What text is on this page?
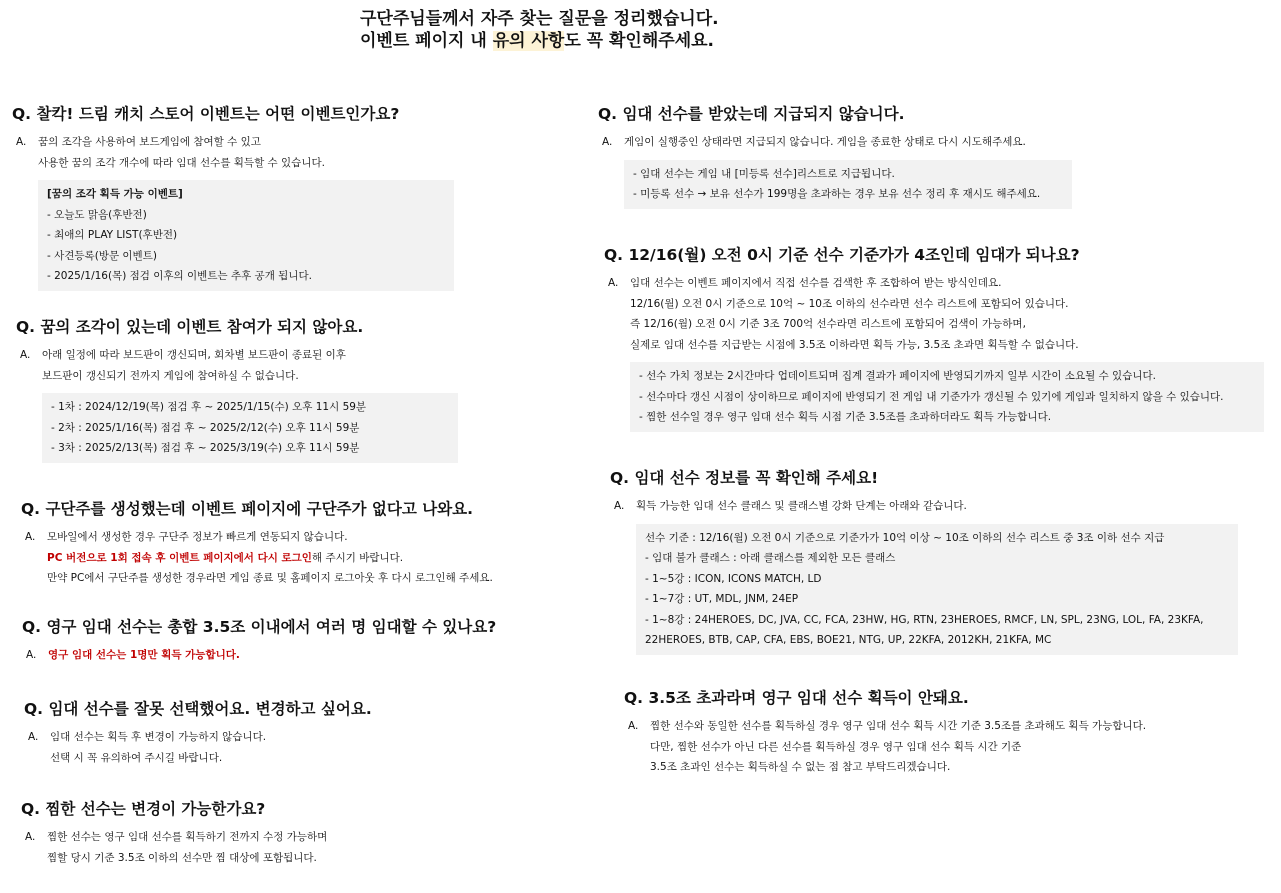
구단주님들께서 자주 찾는 질문을 정리했습니다.
이벤트 페이지 내 유의 사항도 꼭 확인해주세요.
Q. 찰칵! 드림 캐치 스토어 이벤트는 어떤 이벤트인가요?
A. 꿈의 조각을 사용하여 보드게임에 참여할 수 있고
사용한 꿈의 조각 개수에 따라 임대 선수를 획득할 수 있습니다.
[꿈의 조각 획득 가능 이벤트]
- 오늘도 맑음(후반전)
- 최애의 PLAY LIST(후반전)
- 사견등록(방문 이벤트)
- 2025/1/16(목) 점검 이후의 이벤트는 추후 공개 됩니다.
Q. 꿈의 조각이 있는데 이벤트 참여가 되지 않아요.
A. 아래 일정에 따라 보드판이 갱신되며, 회차별 보드판이 종료된 이후
보드판이 갱신되기 전까지 게임에 참여하실 수 없습니다.
- 1차 : 2024/12/19(목) 점검 후 ~ 2025/1/15(수) 오후 11시 59분
- 2차 : 2025/1/16(목) 점검 후 ~ 2025/2/12(수) 오후 11시 59분
- 3차 : 2025/2/13(목) 점검 후 ~ 2025/3/19(수) 오후 11시 59분
Q. 구단주를 생성했는데 이벤트 페이지에 구단주가 없다고 나와요.
A. 모바일에서 생성한 경우 구단주 정보가 빠르게 연동되지 않습니다.
PC 버전으로 1회 접속 후 이벤트 페이지에서 다시 로그인해 주시기 바랍니다.
만약 PC에서 구단주를 생성한 경우라면 게임 종료 및 홈페이지 로그아웃 후 다시 로그인해 주세요.
Q. 영구 임대 선수는 총합 3.5조 이내에서 여러 명 임대할 수 있나요?
A. 영구 임대 선수는 1명만 획득 가능합니다.
Q. 임대 선수를 잘못 선택했어요. 변경하고 싶어요.
A. 임대 선수는 획득 후 변경이 가능하지 않습니다.
선택 시 꼭 유의하여 주시길 바랍니다.
Q. 찜한 선수는 변경이 가능한가요?
A. 찜한 선수는 영구 임대 선수를 획득하기 전까지 수정 가능하며
찜할 당시 기준 3.5조 이하의 선수만 찜 대상에 포함됩니다.
Q. 임대 선수를 받았는데 지급되지 않습니다.
A. 게임이 실행중인 상태라면 지급되지 않습니다. 게임을 종료한 상태로 다시 시도해주세요.
- 임대 선수는 게임 내 [미등록 선수]리스트로 지급됩니다.
- 미등록 선수 → 보유 선수가 199명을 초과하는 경우 보유 선수 정리 후 재시도 해주세요.
Q. 12/16(월) 오전 0시 기준 선수 기준가가 4조인데 임대가 되나요?
A. 임대 선수는 이벤트 페이지에서 직접 선수를 검색한 후 조합하여 받는 방식인데요.
12/16(월) 오전 0시 기준으로 10억 ~ 10조 이하의 선수라면 선수 리스트에 포함되어 있습니다.
즉 12/16(월) 오전 0시 기준 3조 700억 선수라면 리스트에 포함되어 검색이 가능하며,
실제로 임대 선수를 지급받는 시점에 3.5조 이하라면 획득 가능, 3.5조 초과면 획득할 수 없습니다.
- 선수 가치 정보는 2시간마다 업데이트되며 집계 결과가 페이지에 반영되기까지 일부 시간이 소요될 수 있습니다.
- 선수마다 갱신 시점이 상이하므로 페이지에 반영되기 전 게임 내 기준가가 갱신될 수 있기에 게임과 일치하지 않을 수 있습니다.
- 찜한 선수일 경우 영구 임대 선수 획득 시점 기준 3.5조를 초과하더라도 획득 가능합니다.
Q. 임대 선수 정보를 꼭 확인해 주세요!
A. 획득 가능한 임대 선수 클래스 및 클래스별 강화 단계는 아래와 같습니다.
선수 기준 : 12/16(월) 오전 0시 기준으로 기준가가 10억 이상 ~ 10조 이하의 선수 리스트 중 3조 이하 선수 지급
- 임대 불가 클래스 : 아래 클래스를 제외한 모든 클래스
- 1~5강 : ICON, ICONS MATCH, LD
- 1~7강 : UT, MDL, JNM, 24EP
- 1~8강 : 24HEROES, DC, JVA, CC, FCA, 23HW, HG, RTN, 23HEROES, RMCF, LN, SPL, 23NG, LOL, FA, 23KFA,
22HEROES, BTB, CAP, CFA, EBS, BOE21, NTG, UP, 22KFA, 2012KH, 21KFA, MC
Q. 3.5조 초과라며 영구 임대 선수 획득이 안돼요.
A. 찜한 선수와 동일한 선수를 획득하실 경우 영구 임대 선수 획득 시간 기준 3.5조를 초과해도 획득 가능합니다.
다만, 찜한 선수가 아닌 다른 선수를 획득하실 경우 영구 임대 선수 획득 시간 기준
3.5조 초과인 선수는 획득하실 수 없는 점 참고 부탁드리겠습니다.
